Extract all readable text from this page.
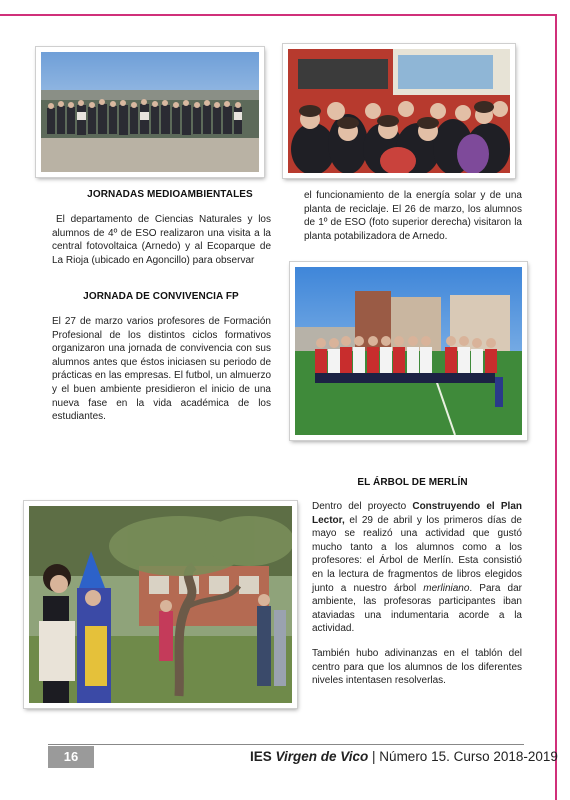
JORNADAS MEDIOAMBIENTALES

El departamento de Ciencias Naturales y los alumnos de 4º de ESO realizaron una visita a la central fotovoltaica (Arnedo) y al Ecoparque de La Rioja (ubicado en Agoncillo) para observar

el funcionamiento de la energía solar y de una planta de reciclaje. El 26 de marzo, los alumnos de 1º de ESO (foto superior derecha) visitaron la planta potabilizadora de Arnedo.

JORNADA DE CONVIVENCIA FP

El 27 de marzo varios profesores de Formación Profesional de los distintos ciclos formativos organizaron una jornada de convivencia con sus alumnos antes que éstos iniciasen su periodo de prácticas en las empresas. El futbol, un almuerzo y el buen ambiente presidieron el inicio de una nueva fase en la vida académica de los estudiantes.

EL ÁRBOL DE MERLÍN

Dentro del proyecto Construyendo el Plan Lector, el 29 de abril y los primeros días de mayo se realizó una actividad que gustó mucho tanto a los alumnos como a los profesores: el Árbol de Merlín. Esta consistió en la lectura de fragmentos de libros elegidos junto a nuestro árbol merliniano. Para dar ambiente, las profesoras participantes iban ataviadas una indumentaria acorde a la actividad.

También hubo adivinanzas en el tablón del centro para que los alumnos de los diferentes niveles intentasen resolverlas.

16	IES Virgen de Vico | Número 15. Curso 2018-2019
